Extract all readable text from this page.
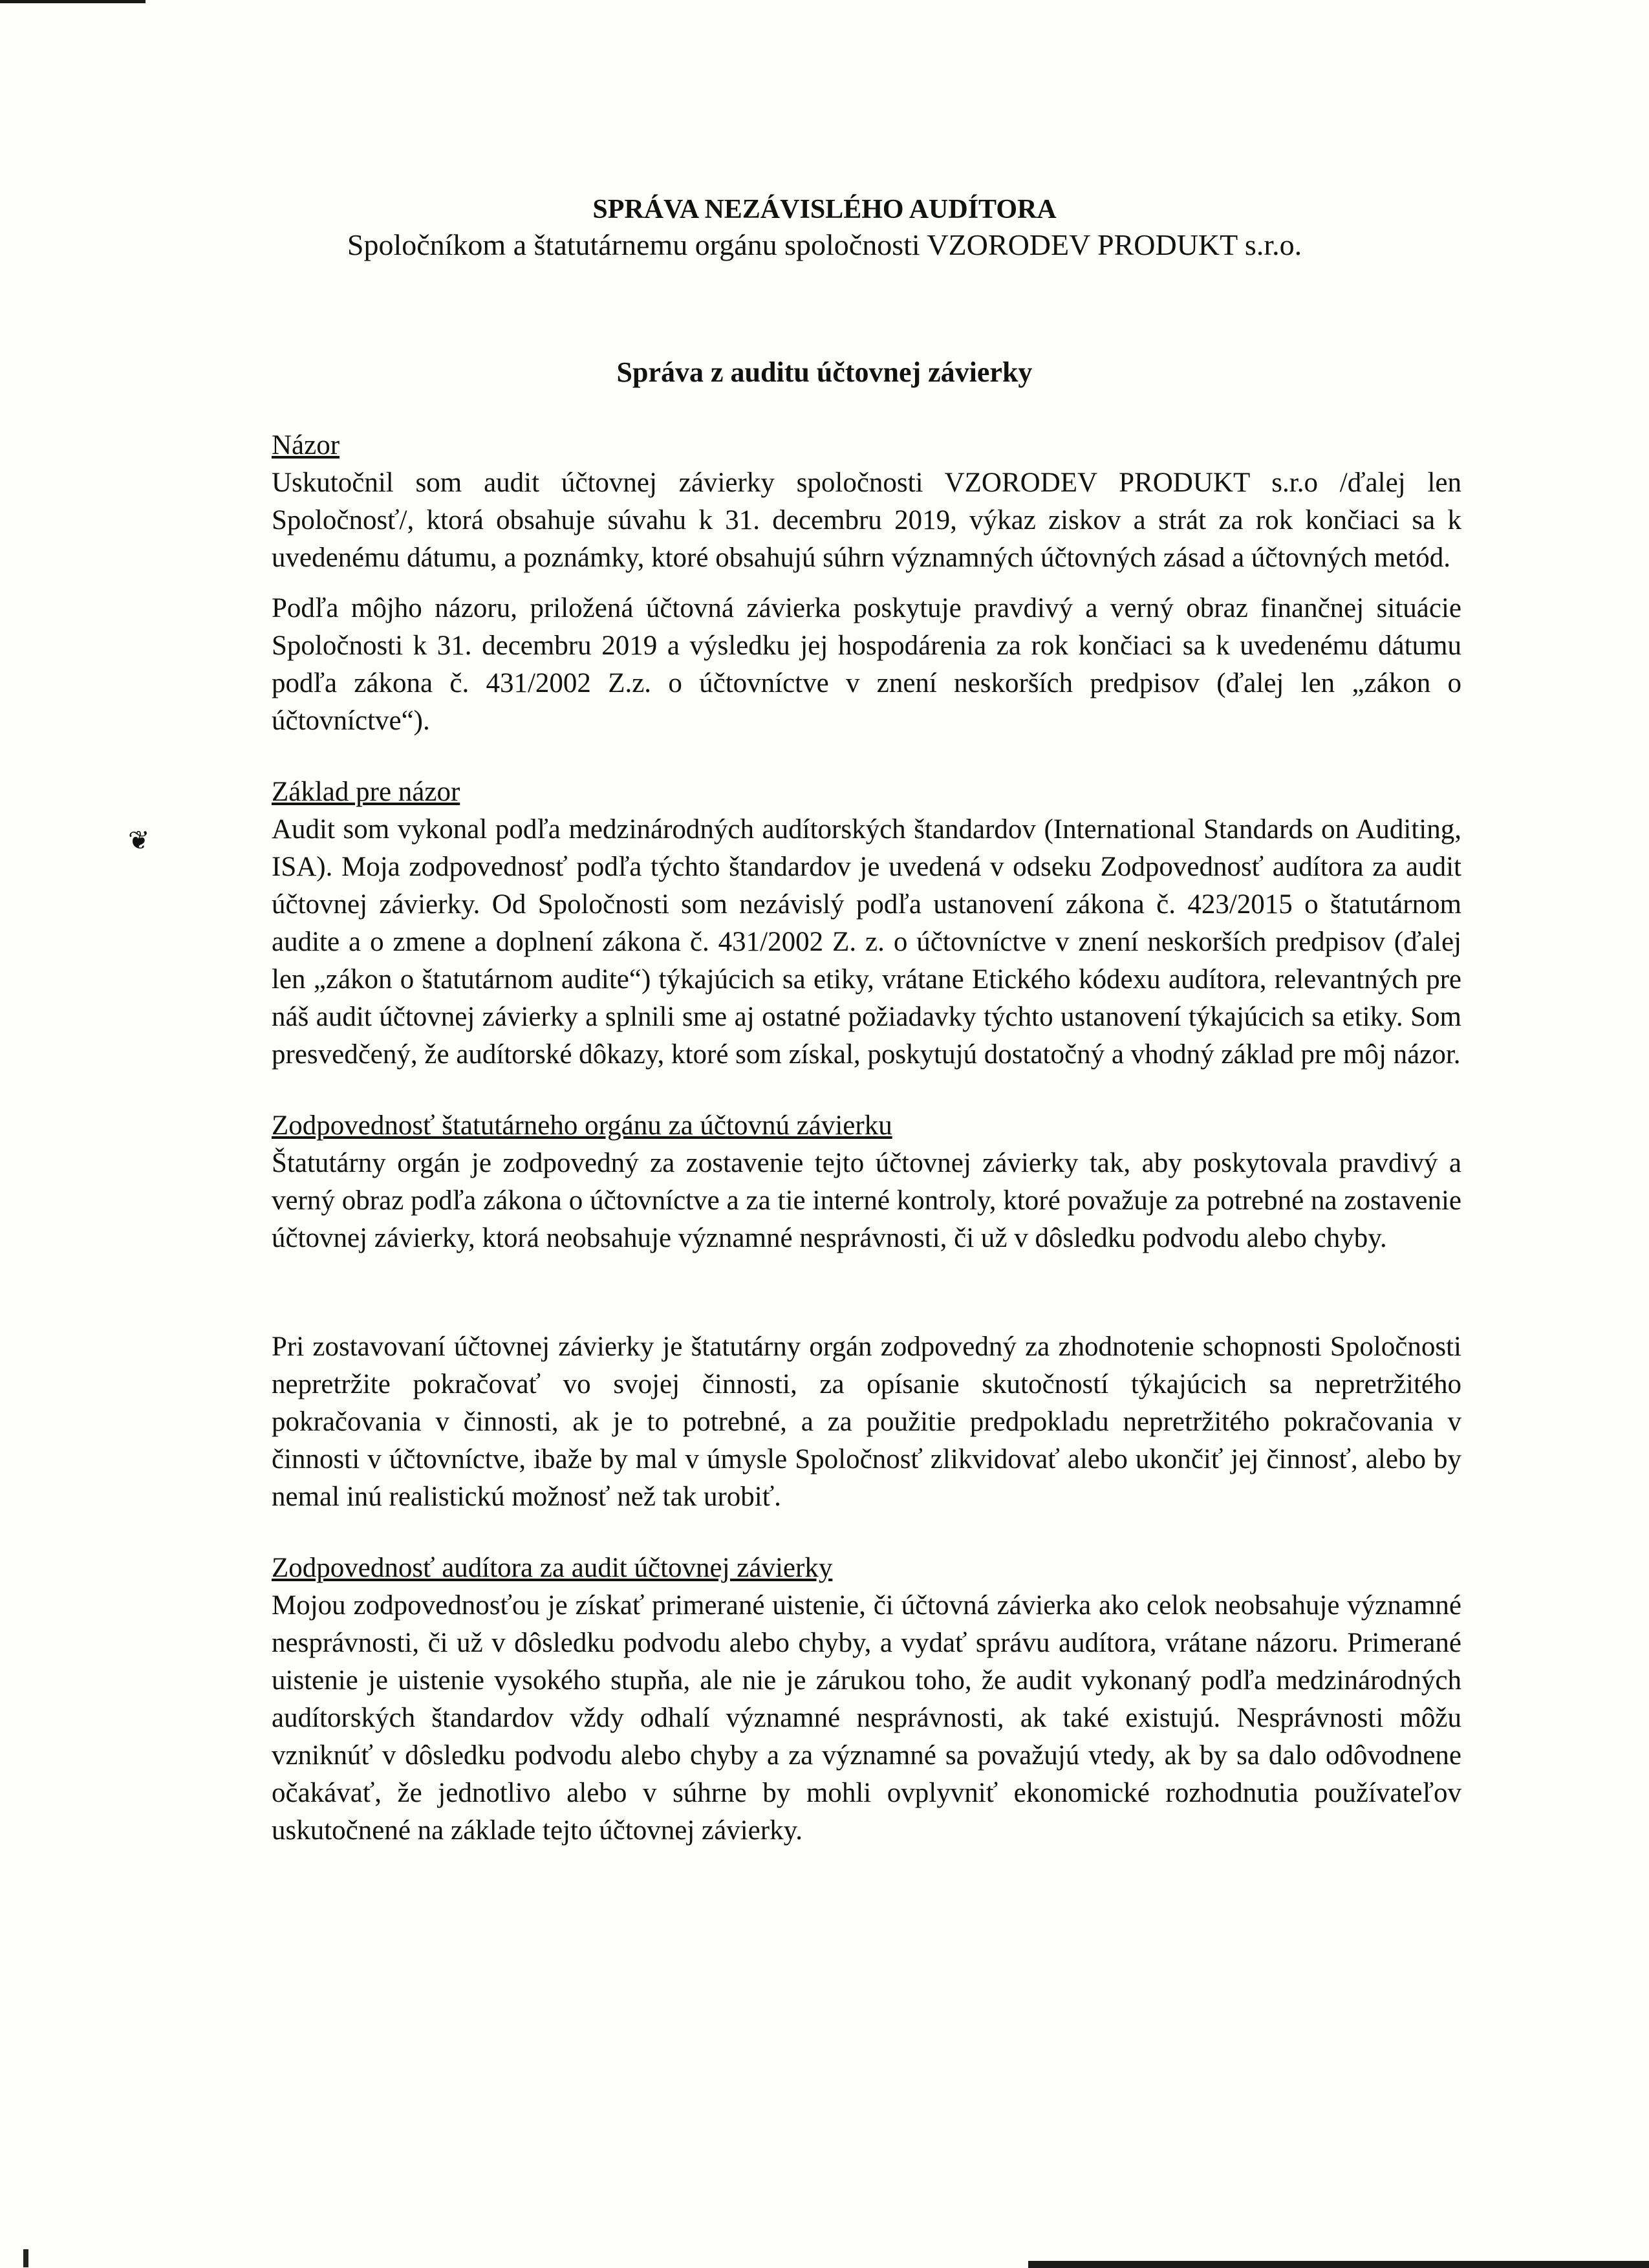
❦

SPRÁVA NEZÁVISLÉHO AUDÍTORA

Spoločníkom a štatutárnemu orgánu spoločnosti VZORODEV PRODUKT s.r.o.

Správa z auditu účtovnej závierky

Názor

Uskutočnil som audit účtovnej závierky spoločnosti VZORODEV PRODUKT s.r.o /ďalej len Spoločnosť/, ktorá obsahuje súvahu k 31. decembru 2019, výkaz ziskov a strát za rok končiaci sa k uvedenému dátumu, a poznámky, ktoré obsahujú súhrn významných účtovných zásad a účtovných metód.

Podľa môjho názoru, priložená účtovná závierka poskytuje pravdivý a verný obraz finančnej situácie Spoločnosti k 31. decembru 2019 a výsledku jej hospodárenia za rok končiaci sa k uvedenému dátumu podľa zákona č. 431/2002 Z.z. o účtovníctve v znení neskorších predpisov (ďalej len „zákon o účtovníctve“).

Základ pre názor

Audit som vykonal podľa medzinárodných audítorských štandardov (International Standards on Auditing, ISA). Moja zodpovednosť podľa týchto štandardov je uvedená v odseku Zodpovednosť audítora za audit účtovnej závierky. Od Spoločnosti som nezávislý podľa ustanovení zákona č. 423/2015 o štatutárnom audite a o zmene a doplnení zákona č. 431/2002 Z. z. o účtovníctve v znení neskorších predpisov (ďalej len „zákon o štatutárnom audite“) týkajúcich sa etiky, vrátane Etického kódexu audítora, relevantných pre náš audit účtovnej závierky a splnili sme aj ostatné požiadavky týchto ustanovení týkajúcich sa etiky. Som presvedčený, že audítorské dôkazy, ktoré som získal, poskytujú dostatočný a vhodný základ pre môj názor.

Zodpovednosť štatutárneho orgánu za účtovnú závierku

Štatutárny orgán je zodpovedný za zostavenie tejto účtovnej závierky tak, aby poskytovala pravdivý a verný obraz podľa zákona o účtovníctve a za tie interné kontroly, ktoré považuje za potrebné na zostavenie účtovnej závierky, ktorá neobsahuje významné nesprávnosti, či už v dôsledku podvodu alebo chyby.

Pri zostavovaní účtovnej závierky je štatutárny orgán zodpovedný za zhodnotenie schopnosti Spoločnosti nepretržite pokračovať vo svojej činnosti, za opísanie skutočností týkajúcich sa nepretržitého pokračovania v činnosti, ak je to potrebné, a za použitie predpokladu nepretržitého pokračovania v činnosti v účtovníctve, ibaže by mal v úmysle Spoločnosť zlikvidovať alebo ukončiť jej činnosť, alebo by nemal inú realistickú možnosť než tak urobiť.

Zodpovednosť audítora za audit účtovnej závierky

Mojou zodpovednosťou je získať primerané uistenie, či účtovná závierka ako celok neobsahuje významné nesprávnosti, či už v dôsledku podvodu alebo chyby, a vydať správu audítora, vrátane názoru. Primerané uistenie je uistenie vysokého stupňa, ale nie je zárukou toho, že audit vykonaný podľa medzinárodných audítorských štandardov vždy odhalí významné nesprávnosti, ak také existujú. Nesprávnosti môžu vzniknúť v dôsledku podvodu alebo chyby a za významné sa považujú vtedy, ak by sa dalo odôvodnene očakávať, že jednotlivo alebo v súhrne by mohli ovplyvniť ekonomické rozhodnutia používateľov uskutočnené na základe tejto účtovnej závierky.
